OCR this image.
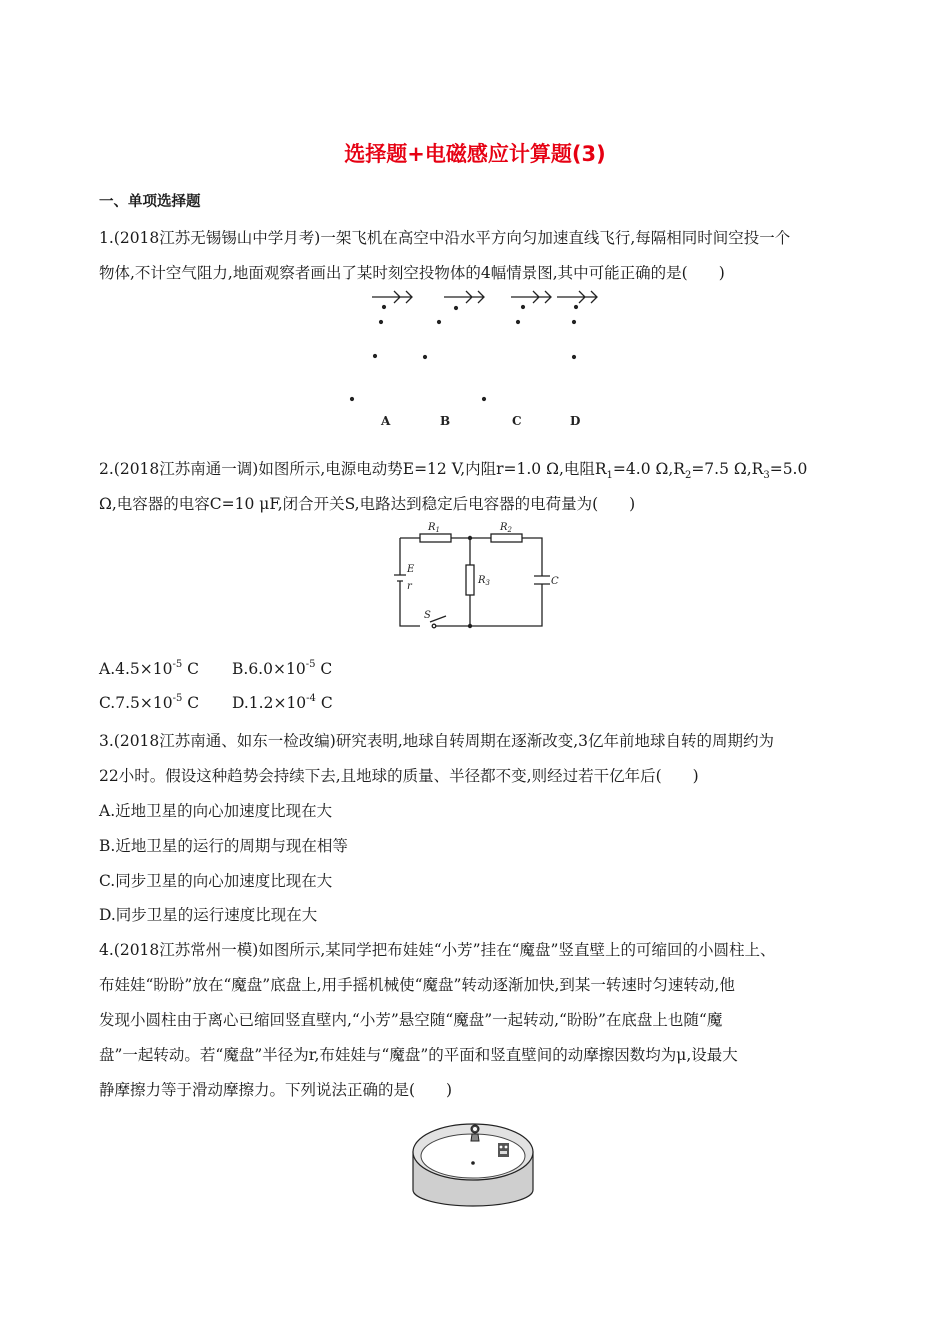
选择题+电磁感应计算题(3)
一、单项选择题
1.(2018江苏无锡锡山中学月考)一架飞机在高空中沿水平方向匀加速直线飞行,每隔相同时间空投一个
物体,不计空气阻力,地面观察者画出了某时刻空投物体的4幅情景图,其中可能正确的是(　　)
A	B	C	D
2.(2018江苏南通一调)如图所示,电源电动势E=12 V,内阻r=1.0 Ω,电阻$R_1=4.0$ $\Omega,R_2=7.5$ $\Omega,R_3=5.0$
Ω,电容器的电容C=10 μF,闭合开关S,电路达到稳定后电容器的电荷量为(　　)
$R_1$	$R_2$
$R_3$	C
E
r
S
$A.4.5\times 10^{-5}$ C $B.6.0\times 10^{-5}$ C
$C.7.5\times 10^{-5}$ C $D.1.2\times 10^{-4}$ C
3.(2018江苏南通、如东一检改编)研究表明,地球自转周期在逐渐改变,3亿年前地球自转的周期约为
22小时。假设这种趋势会持续下去,且地球的质量、半径都不变,则经过若干亿年后(　　)
A.近地卫星的向心加速度比现在大
B.近地卫星的运行的周期与现在相等
C.同步卫星的向心加速度比现在大
D.同步卫星的运行速度比现在大
4.(2018江苏常州一模)如图所示,某同学把布娃娃“小芳”挂在“魔盘”竖直壁上的可缩回的小圆柱上、
布娃娃“盼盼”放在“魔盘”底盘上,用手摇机械使“魔盘”转动逐渐加快,到某一转速时匀速转动,他
发现小圆柱由于离心已缩回竖直壁内,“小芳”悬空随“魔盘”一起转动,“盼盼”在底盘上也随“魔
盘”一起转动。若“魔盘”半径为r,布娃娃与“魔盘”的平面和竖直壁间的动摩擦因数均为μ,设最大
静摩擦力等于滑动摩擦力。下列说法正确的是(　　)
